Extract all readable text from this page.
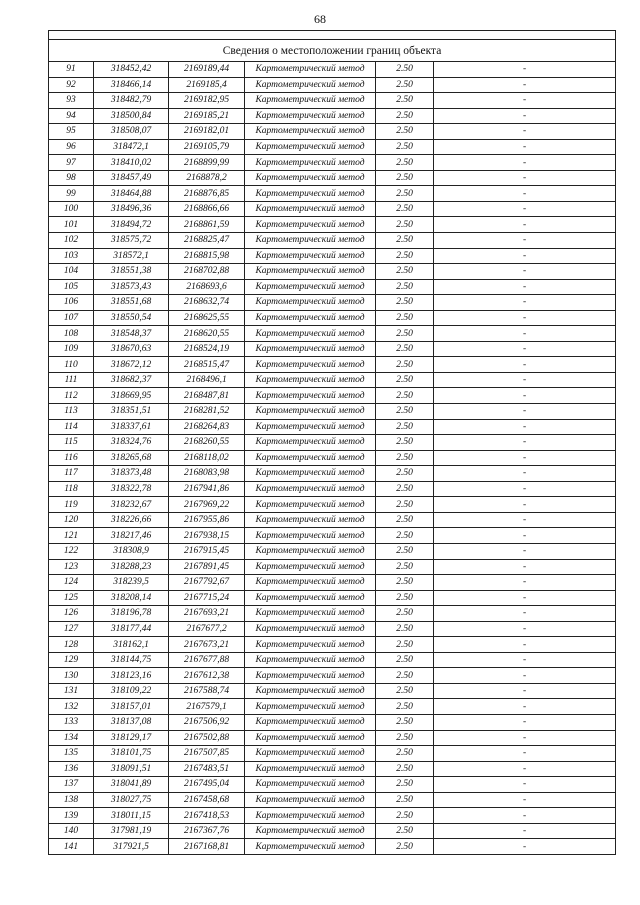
68

Сведения о местоположении границ объекта					
91	318452,42	2169189,44	Картометрический метод	2.50	-
92	318466,14	2169185,4	Картометрический метод	2.50	-
93	318482,79	2169182,95	Картометрический метод	2.50	-
94	318500,84	2169185,21	Картометрический метод	2.50	-
95	318508,07	2169182,01	Картометрический метод	2.50	-
96	318472,1	2169105,79	Картометрический метод	2.50	-
97	318410,02	2168899,99	Картометрический метод	2.50	-
98	318457,49	2168878,2	Картометрический метод	2.50	-
99	318464,88	2168876,85	Картометрический метод	2.50	-
100	318496,36	2168866,66	Картометрический метод	2.50	-
101	318494,72	2168861,59	Картометрический метод	2.50	-
102	318575,72	2168825,47	Картометрический метод	2.50	-
103	318572,1	2168815,98	Картометрический метод	2.50	-
104	318551,38	2168702,88	Картометрический метод	2.50	-
105	318573,43	2168693,6	Картометрический метод	2.50	-
106	318551,68	2168632,74	Картометрический метод	2.50	-
107	318550,54	2168625,55	Картометрический метод	2.50	-
108	318548,37	2168620,55	Картометрический метод	2.50	-
109	318670,63	2168524,19	Картометрический метод	2.50	-
110	318672,12	2168515,47	Картометрический метод	2.50	-
111	318682,37	2168496,1	Картометрический метод	2.50	-
112	318669,95	2168487,81	Картометрический метод	2.50	-
113	318351,51	2168281,52	Картометрический метод	2.50	-
114	318337,61	2168264,83	Картометрический метод	2.50	-
115	318324,76	2168260,55	Картометрический метод	2.50	-
116	318265,68	2168118,02	Картометрический метод	2.50	-
117	318373,48	2168083,98	Картометрический метод	2.50	-
118	318322,78	2167941,86	Картометрический метод	2.50	-
119	318232,67	2167969,22	Картометрический метод	2.50	-
120	318226,66	2167955,86	Картометрический метод	2.50	-
121	318217,46	2167938,15	Картометрический метод	2.50	-
122	318308,9	2167915,45	Картометрический метод	2.50	-
123	318288,23	2167891,45	Картометрический метод	2.50	-
124	318239,5	2167792,67	Картометрический метод	2.50	-
125	318208,14	2167715,24	Картометрический метод	2.50	-
126	318196,78	2167693,21	Картометрический метод	2.50	-
127	318177,44	2167677,2	Картометрический метод	2.50	-
128	318162,1	2167673,21	Картометрический метод	2.50	-
129	318144,75	2167677,88	Картометрический метод	2.50	-
130	318123,16	2167612,38	Картометрический метод	2.50	-
131	318109,22	2167588,74	Картометрический метод	2.50	-
132	318157,01	2167579,1	Картометрический метод	2.50	-
133	318137,08	2167506,92	Картометрический метод	2.50	-
134	318129,17	2167502,88	Картометрический метод	2.50	-
135	318101,75	2167507,85	Картометрический метод	2.50	-
136	318091,51	2167483,51	Картометрический метод	2.50	-
137	318041,89	2167495,04	Картометрический метод	2.50	-
138	318027,75	2167458,68	Картометрический метод	2.50	-
139	318011,15	2167418,53	Картометрический метод	2.50	-
140	317981,19	2167367,76	Картометрический метод	2.50	-
141	317921,5	2167168,81	Картометрический метод	2.50	-
